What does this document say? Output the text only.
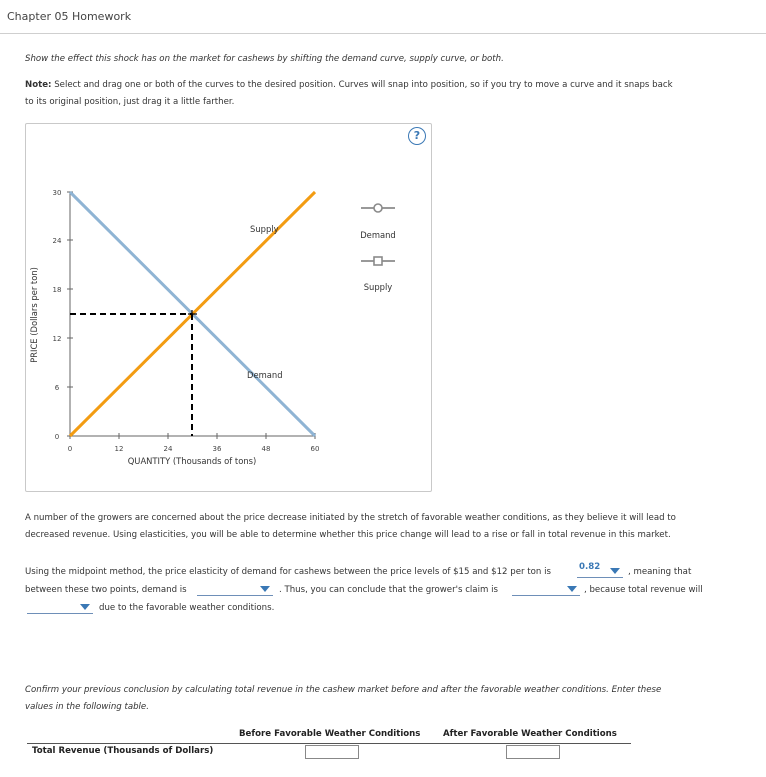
Chapter 05 Homework
Show the effect this shock has on the market for cashews by shifting the demand curve, supply curve, or both.
Note: Select and drag one or both of the curves to the desired position. Curves will snap into position, so if you try to move a curve and it snaps back
to its original position, just drag it a little farther.
?
PRICE (Dollars per ton)
0
6
12
18
24
30
0	12	24	36	48	60
QUANTITY (Thousands of tons)
Supply
Demand
Demand
Supply
A number of the growers are concerned about the price decrease initiated by the stretch of favorable weather conditions, as they believe it will lead to
decreased revenue. Using elasticities, you will be able to determine whether this price change will lead to a rise or fall in total revenue in this market.
Using the midpoint method, the price elasticity of demand for cashews between the price levels of $15 and $12 per ton is	0.82	, meaning that
between these two points, demand is	. Thus, you can conclude that the grower's claim is	, because total revenue will
due to the favorable weather conditions.
Confirm your previous conclusion by calculating total revenue in the cashew market before and after the favorable weather conditions. Enter these
values in the following table.
Before Favorable Weather Conditions	After Favorable Weather Conditions
Total Revenue (Thousands of Dollars)
